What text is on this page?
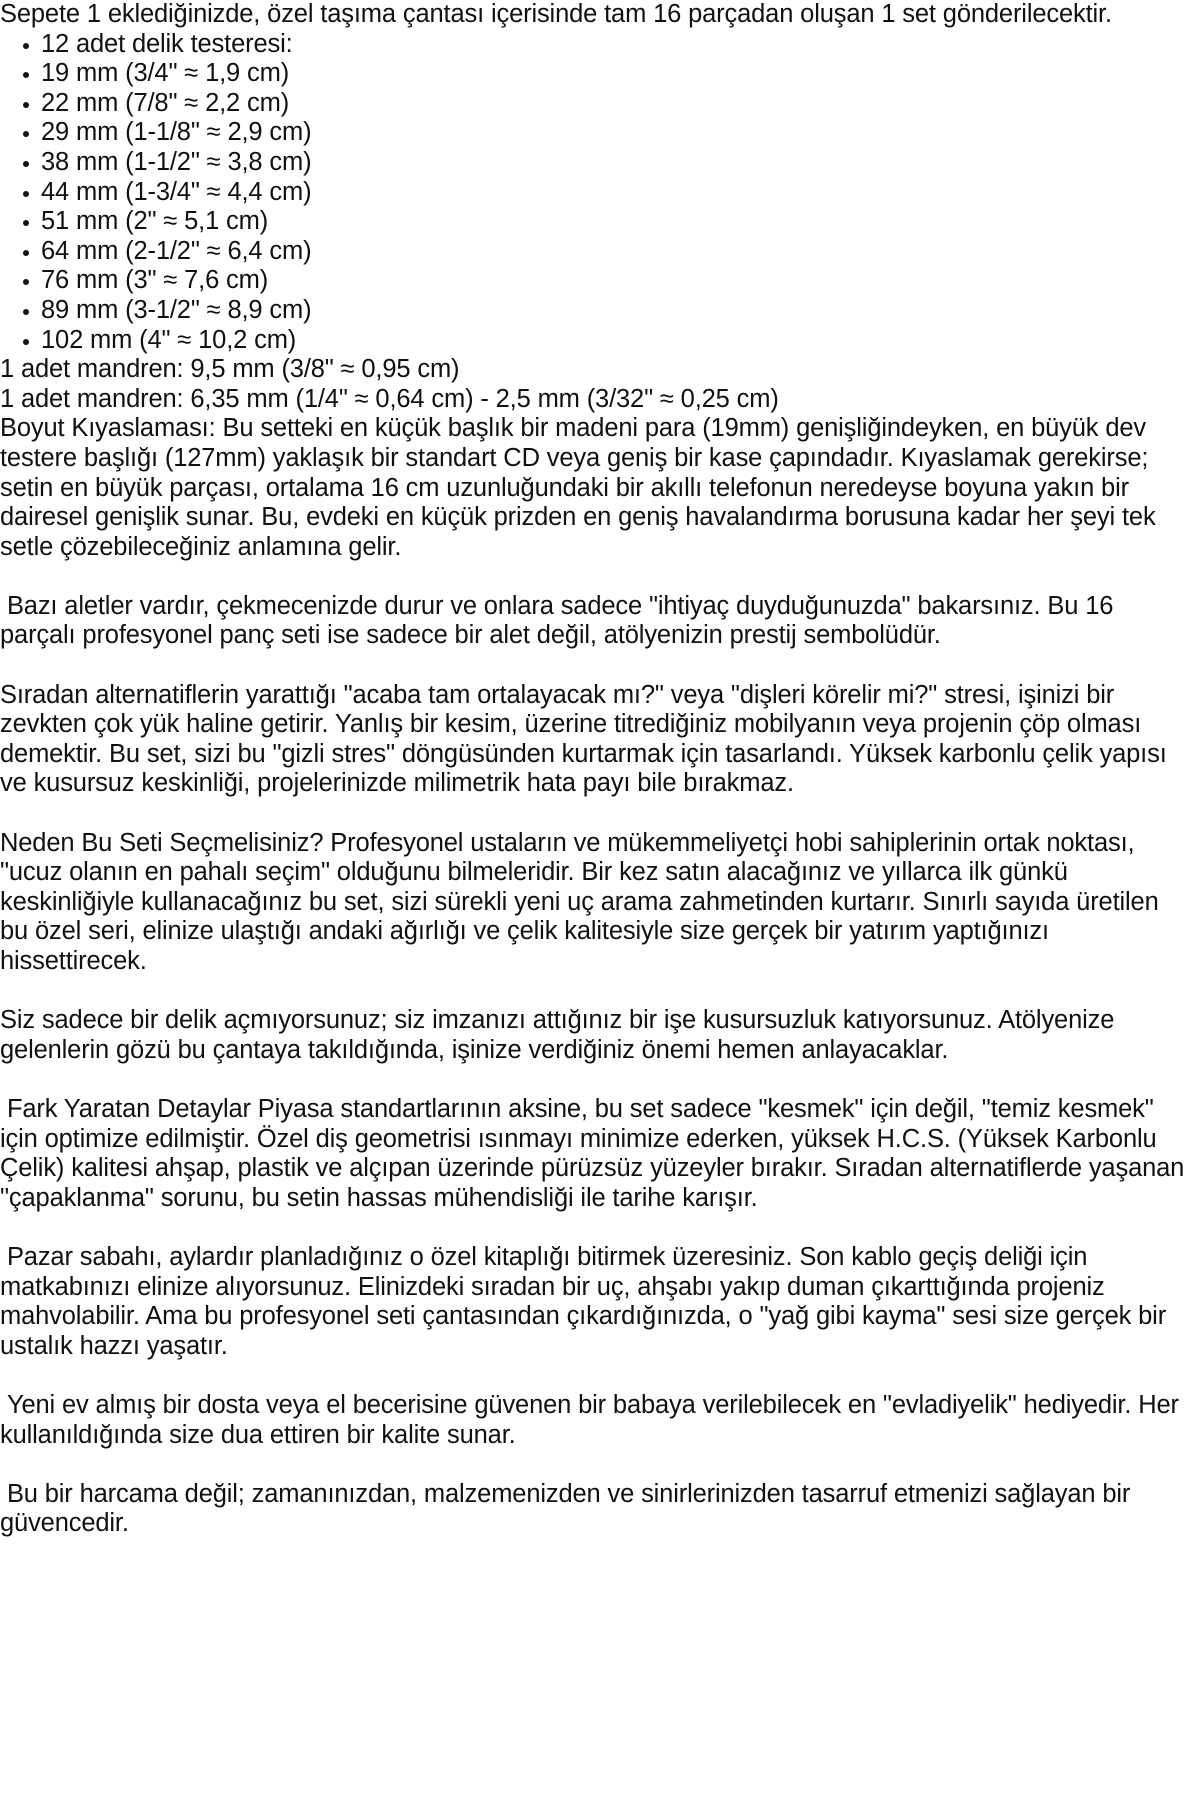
Sepete 1 eklediğinizde, özel taşıma çantası içerisinde tam 16 parçadan oluşan 1 set gönderilecektir.

12 adet delik testeresi:
19 mm (3/4" ≈ 1,9 cm)
22 mm (7/8" ≈ 2,2 cm)
29 mm (1-1/8" ≈ 2,9 cm)
38 mm (1-1/2" ≈ 3,8 cm)
44 mm (1-3/4" ≈ 4,4 cm)
51 mm (2" ≈ 5,1 cm)
64 mm (2-1/2" ≈ 6,4 cm)
76 mm (3" ≈ 7,6 cm)
89 mm (3-1/2" ≈ 8,9 cm)
102 mm (4" ≈ 10,2 cm)

1 adet mandren: 9,5 mm (3/8" ≈ 0,95 cm)

1 adet mandren: 6,35 mm (1/4" ≈ 0,64 cm) - 2,5 mm (3/32" ≈ 0,25 cm)

Boyut Kıyaslaması: Bu setteki en küçük başlık bir madeni para (19mm) genişliğindeyken, en büyük dev testere başlığı (127mm) yaklaşık bir standart CD veya geniş bir kase çapındadır. Kıyaslamak gerekirse; setin en büyük parçası, ortalama 16 cm uzunluğundaki bir akıllı telefonun neredeyse boyuna yakın bir dairesel genişlik sunar. Bu, evdeki en küçük prizden en geniş havalandırma borusuna kadar her şeyi tek setle çözebileceğiniz anlamına gelir.

Bazı aletler vardır, çekmecenizde durur ve onlara sadece "ihtiyaç duyduğunuzda" bakarsınız. Bu 16 parçalı profesyonel panç seti ise sadece bir alet değil, atölyenizin prestij sembolüdür.

Sıradan alternatiflerin yarattığı "acaba tam ortalayacak mı?" veya "dişleri körelir mi?" stresi, işinizi bir zevkten çok yük haline getirir. Yanlış bir kesim, üzerine titrediğiniz mobilyanın veya projenin çöp olması demektir. Bu set, sizi bu "gizli stres" döngüsünden kurtarmak için tasarlandı. Yüksek karbonlu çelik yapısı ve kusursuz keskinliği, projelerinizde milimetrik hata payı bile bırakmaz.

Neden Bu Seti Seçmelisiniz? Profesyonel ustaların ve mükemmeliyetçi hobi sahiplerinin ortak noktası, "ucuz olanın en pahalı seçim" olduğunu bilmeleridir. Bir kez satın alacağınız ve yıllarca ilk günkü keskinliğiyle kullanacağınız bu set, sizi sürekli yeni uç arama zahmetinden kurtarır. Sınırlı sayıda üretilen bu özel seri, elinize ulaştığı andaki ağırlığı ve çelik kalitesiyle size gerçek bir yatırım yaptığınızı hissettirecek.

Siz sadece bir delik açmıyorsunuz; siz imzanızı attığınız bir işe kusursuzluk katıyorsunuz. Atölyenize gelenlerin gözü bu çantaya takıldığında, işinize verdiğiniz önemi hemen anlayacaklar.

Fark Yaratan Detaylar Piyasa standartlarının aksine, bu set sadece "kesmek" için değil, "temiz kesmek" için optimize edilmiştir. Özel diş geometrisi ısınmayı minimize ederken, yüksek H.C.S. (Yüksek Karbonlu Çelik) kalitesi ahşap, plastik ve alçıpan üzerinde pürüzsüz yüzeyler bırakır. Sıradan alternatiflerde yaşanan "çapaklanma" sorunu, bu setin hassas mühendisliği ile tarihe karışır.

Pazar sabahı, aylardır planladığınız o özel kitaplığı bitirmek üzeresiniz. Son kablo geçiş deliği için matkabınızı elinize alıyorsunuz. Elinizdeki sıradan bir uç, ahşabı yakıp duman çıkarttığında projeniz mahvolabilir. Ama bu profesyonel seti çantasından çıkardığınızda, o "yağ gibi kayma" sesi size gerçek bir ustalık hazzı yaşatır.

Yeni ev almış bir dosta veya el becerisine güvenen bir babaya verilebilecek en "evladiyelik" hediyedir. Her kullanıldığında size dua ettiren bir kalite sunar.

Bu bir harcama değil; zamanınızdan, malzemenizden ve sinirlerinizden tasarruf etmenizi sağlayan bir güvencedir.
